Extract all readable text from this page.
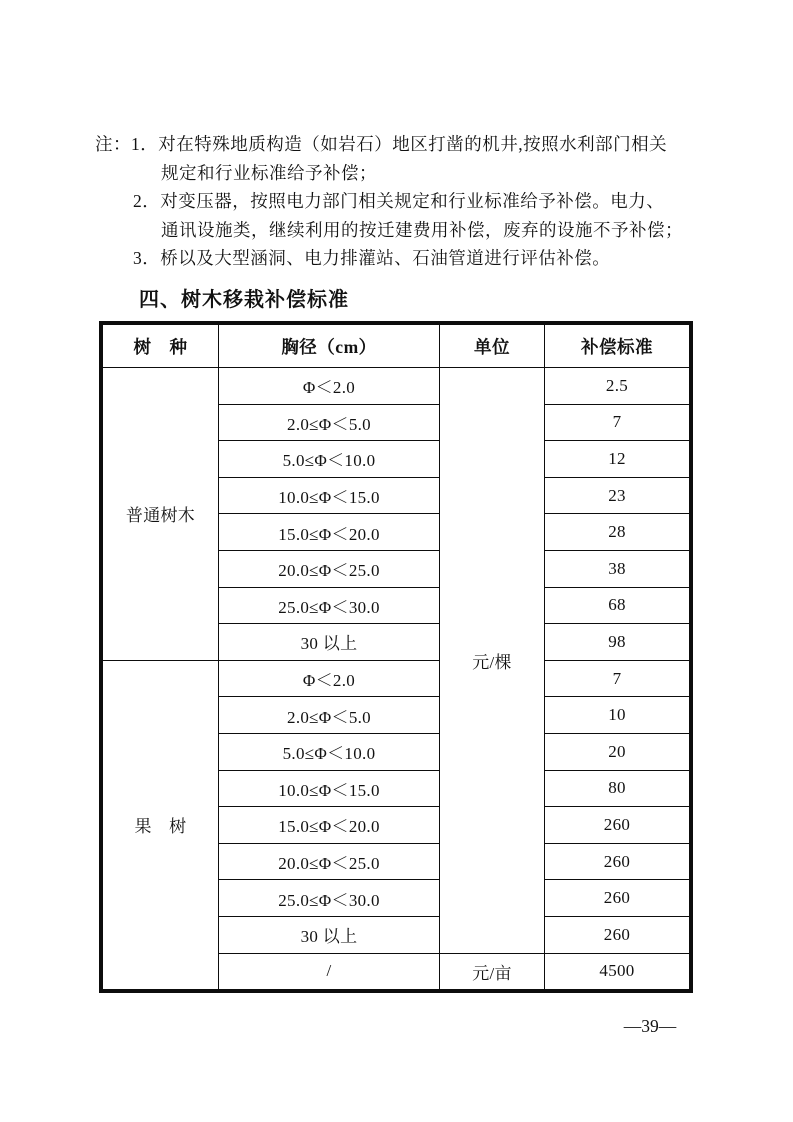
注：1．对在特殊地质构造（如岩石）地区打凿的机井,按照水利部门相关
规定和行业标准给予补偿；
2．对变压器，按照电力部门相关规定和行业标准给予补偿。电力、
通讯设施类，继续利用的按迁建费用补偿，废弃的设施不予补偿；
3．桥以及大型涵洞、电力排灌站、石油管道进行评估补偿。
四、树木移栽补偿标准
树　种	胸径（cm）	单位	补偿标准
普通树木	Φ＜2.0	元/棵	2.5
	2.0≤Φ＜5.0		7
	5.0≤Φ＜10.0		12
	10.0≤Φ＜15.0		23
	15.0≤Φ＜20.0		28
	20.0≤Φ＜25.0		38
	25.0≤Φ＜30.0		68
	30 以上		98
果　树	Φ＜2.0		7
	2.0≤Φ＜5.0		10
	5.0≤Φ＜10.0		20
	10.0≤Φ＜15.0		80
	15.0≤Φ＜20.0		260
	20.0≤Φ＜25.0		260
	25.0≤Φ＜30.0		260
	30 以上		260
	/	元/亩	4500
—39—
